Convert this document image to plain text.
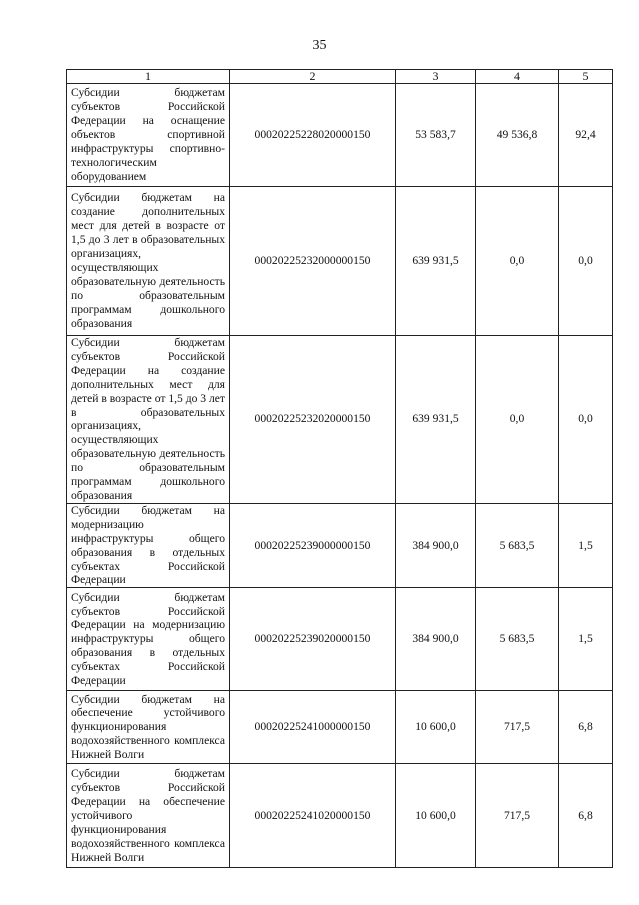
35
1	2	3	4	5
Субсидии бюджетам субъектов Российской Федерации на оснащение объектов спортивной инфраструктуры спортивно-технологическим оборудованием	00020225228020000150	53 583,7	49 536,8	92,4
Субсидии бюджетам на создание дополнительных мест для детей в возрасте от 1,5 до 3 лет в образовательных организациях, осуществляющих образовательную деятельность по образовательным программам дошкольного образования	00020225232000000150	639 931,5	0,0	0,0
Субсидии бюджетам субъектов Российской Федерации на создание дополнительных мест для детей в возрасте от 1,5 до 3 лет в образовательных организациях, осуществляющих образовательную деятельность по образовательным программам дошкольного образования	00020225232020000150	639 931,5	0,0	0,0
Субсидии бюджетам на модернизацию инфраструктуры общего образования в отдельных субъектах Российской Федерации	00020225239000000150	384 900,0	5 683,5	1,5
Субсидии бюджетам субъектов Российской Федерации на модернизацию инфраструктуры общего образования в отдельных субъектах Российской Федерации	00020225239020000150	384 900,0	5 683,5	1,5
Субсидии бюджетам на обеспечение устойчивого функционирования водохозяйственного комплекса Нижней Волги	00020225241000000150	10 600,0	717,5	6,8
Субсидии бюджетам субъектов Российской Федерации на обеспечение устойчивого функционирования водохозяйственного комплекса Нижней Волги	00020225241020000150	10 600,0	717,5	6,8
